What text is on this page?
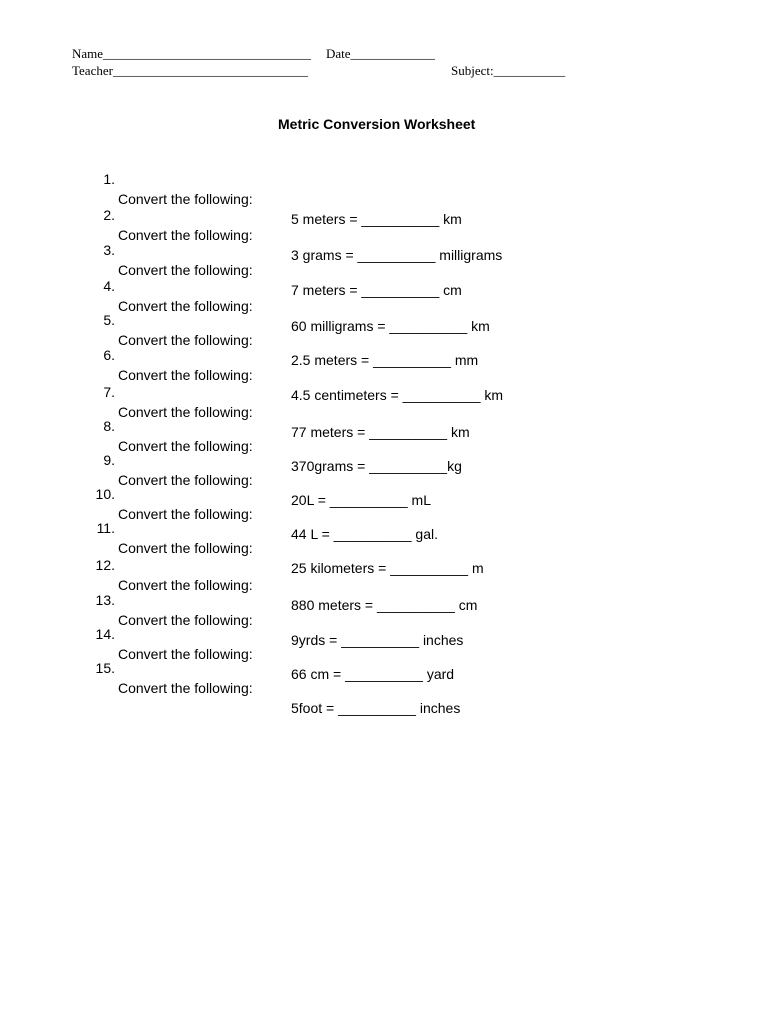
Name________________________________ Date_____________
Teacher______________________________	Subject:___________
Metric Conversion Worksheet

1.

Convert the following:

5 meters = __________ km

2.

Convert the following:

3 grams = __________ milligrams

3.

Convert the following:

7 meters = __________ cm

4.

Convert the following:

60 milligrams = __________ km

5.

Convert the following:

2.5 meters = __________ mm

6.

Convert the following:

4.5 centimeters = __________ km

7.

Convert the following:

77 meters = __________ km

8.

Convert the following:

370grams = __________kg

9.

Convert the following:

20L = __________ mL

10.

Convert the following:

44 L = __________ gal.

11.

Convert the following:

25 kilometers = __________ m

12.

Convert the following:

880 meters = __________ cm

13.

Convert the following:

9yrds = __________ inches

14.

Convert the following:

66 cm = __________ yard

15.

Convert the following:

5foot = __________ inches
